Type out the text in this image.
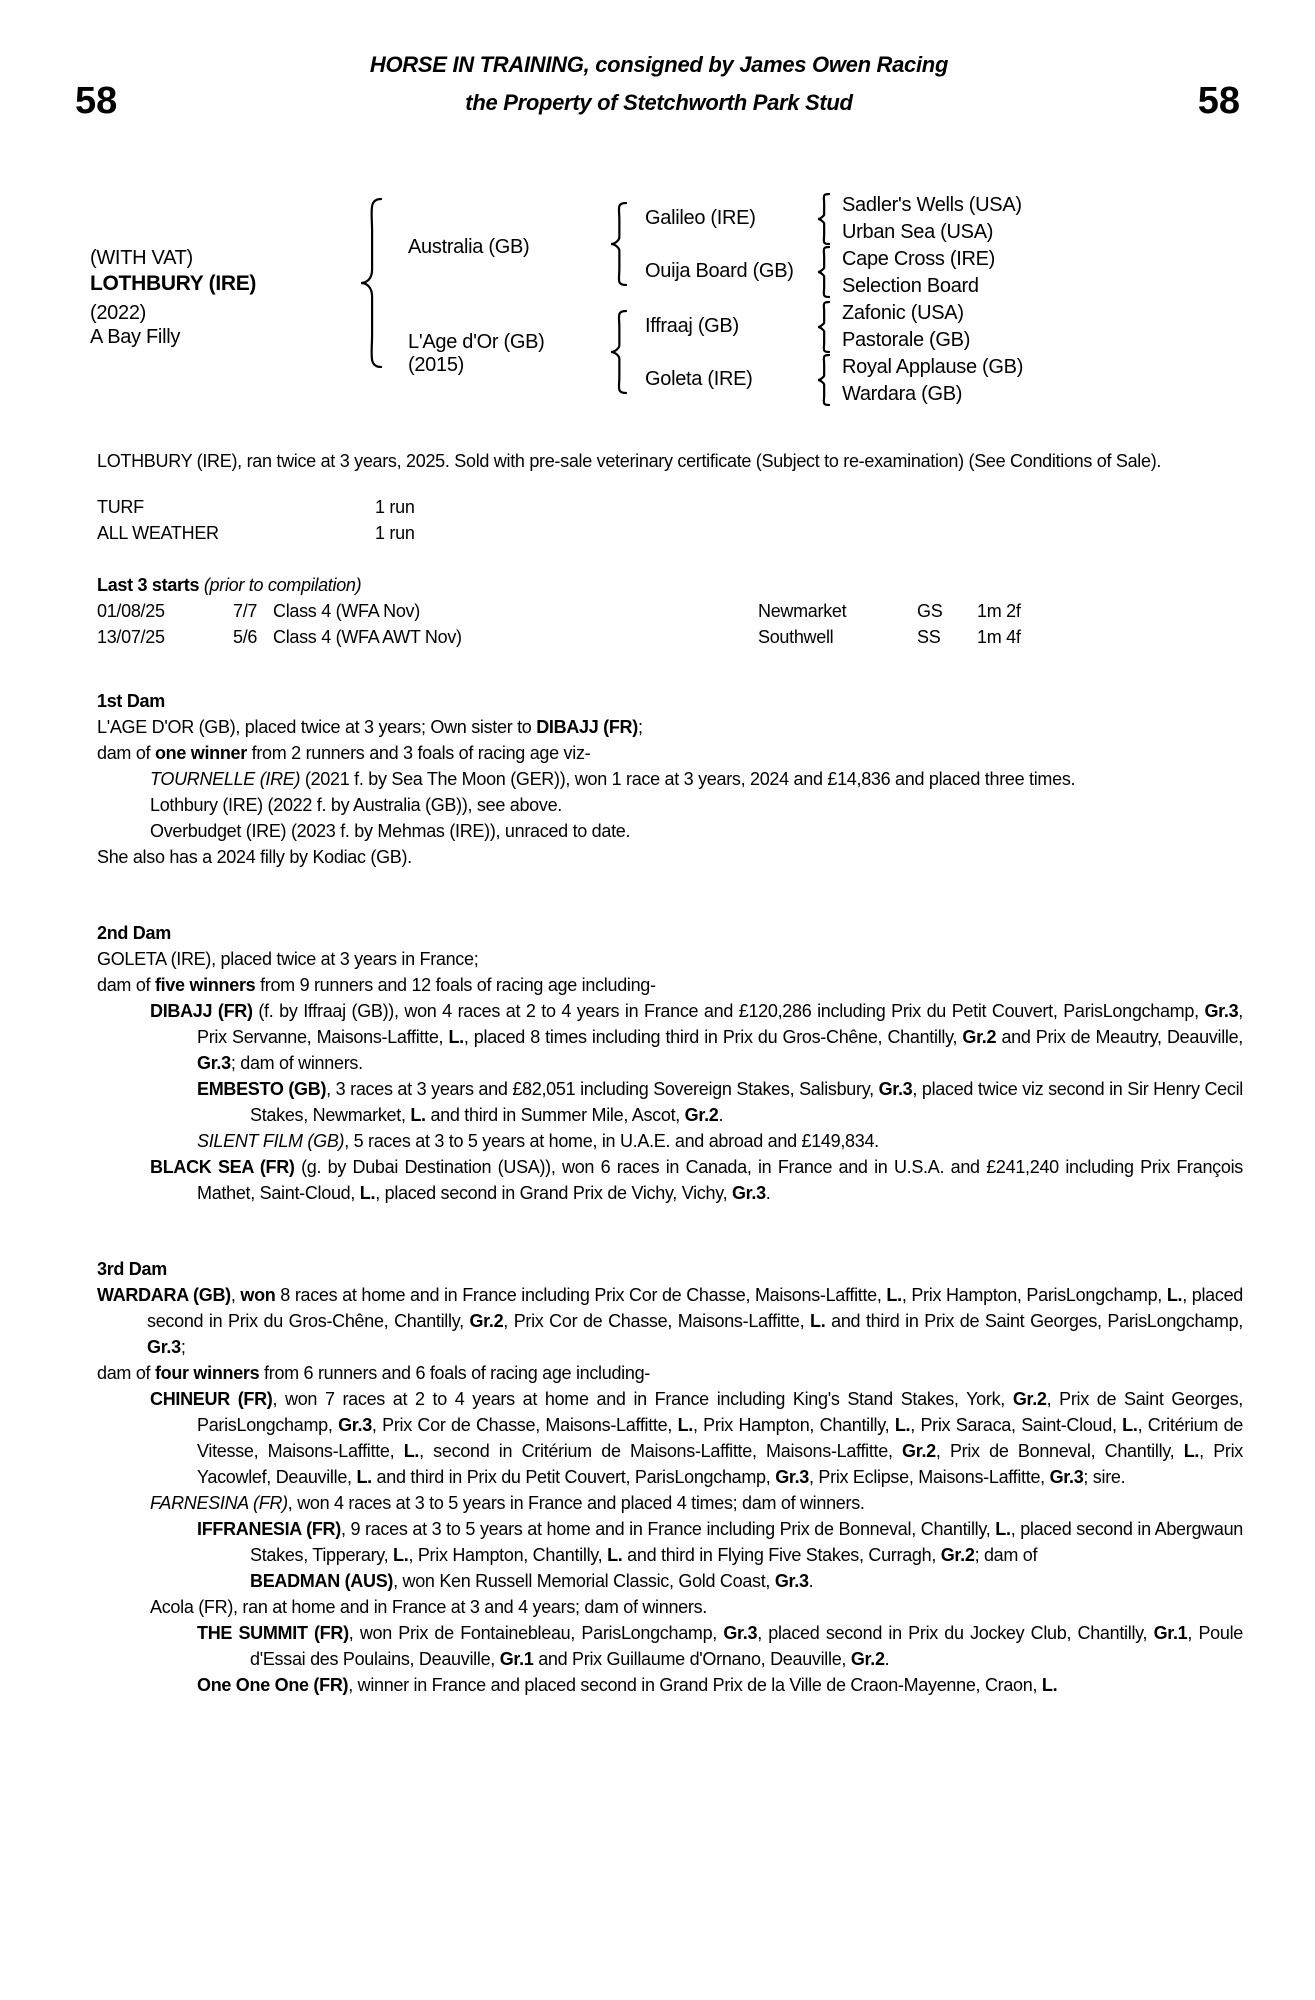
58
HORSE IN TRAINING, consigned by James Owen Racing
the Property of Stetchworth Park Stud	58
(WITH VAT)
LOTHBURY (IRE)
(2022)
A Bay Filly
Australia (GB)
L'Age d'Or (GB)
(2015)
Galileo (IRE)
Ouija Board (GB)
Iffraaj (GB)
Goleta (IRE)
Sadler's Wells (USA)
Urban Sea (USA)
Cape Cross (IRE)
Selection Board
Zafonic (USA)
Pastorale (GB)
Royal Applause (GB)
Wardara (GB)

LOTHBURY (IRE), ran twice at 3 years, 2025. Sold with pre-sale veterinary certificate (Subject to re-examination) (See Conditions of Sale).

TURF	1 run
ALL WEATHER	1 run

Last 3 starts (prior to compilation)

01/08/25	7/7 Class 4 (WFA Nov)	Newmarket	GS	1m 2f
13/07/25	5/6 Class 4 (WFA AWT Nov)	Southwell	SS	1m 4f
1st Dam

L'AGE D'OR (GB), placed twice at 3 years; Own sister to DIBAJJ (FR);

dam of one winner from 2 runners and 3 foals of racing age viz-

TOURNELLE (IRE) (2021 f. by Sea The Moon (GER)), won 1 race at 3 years, 2024 and £14,836 and placed three times.

Lothbury (IRE) (2022 f. by Australia (GB)), see above.

Overbudget (IRE) (2023 f. by Mehmas (IRE)), unraced to date.

She also has a 2024 filly by Kodiac (GB).

2nd Dam

GOLETA (IRE), placed twice at 3 years in France;

dam of five winners from 9 runners and 12 foals of racing age including-

DIBAJJ (FR) (f. by Iffraaj (GB)), won 4 races at 2 to 4 years in France and £120,286 including Prix du Petit Couvert, ParisLongchamp, Gr.3, Prix Servanne, Maisons-Laffitte, L., placed 8 times including third in Prix du Gros-Chêne, Chantilly, Gr.2 and Prix de Meautry, Deauville, Gr.3; dam of winners.

EMBESTO (GB), 3 races at 3 years and £82,051 including Sovereign Stakes, Salisbury, Gr.3, placed twice viz second in Sir Henry Cecil Stakes, Newmarket, L. and third in Summer Mile, Ascot, Gr.2.

SILENT FILM (GB), 5 races at 3 to 5 years at home, in U.A.E. and abroad and £149,834.

BLACK SEA (FR) (g. by Dubai Destination (USA)), won 6 races in Canada, in France and in U.S.A. and £241,240 including Prix François Mathet, Saint-Cloud, L., placed second in Grand Prix de Vichy, Vichy, Gr.3.

3rd Dam

WARDARA (GB), won 8 races at home and in France including Prix Cor de Chasse, Maisons-Laffitte, L., Prix Hampton, ParisLongchamp, L., placed second in Prix du Gros-Chêne, Chantilly, Gr.2, Prix Cor de Chasse, Maisons-Laffitte, L. and third in Prix de Saint Georges, ParisLongchamp, Gr.3;

dam of four winners from 6 runners and 6 foals of racing age including-

CHINEUR (FR), won 7 races at 2 to 4 years at home and in France including King's Stand Stakes, York, Gr.2, Prix de Saint Georges, ParisLongchamp, Gr.3, Prix Cor de Chasse, Maisons-Laffitte, L., Prix Hampton, Chantilly, L., Prix Saraca, Saint-Cloud, L., Critérium de Vitesse, Maisons-Laffitte, L., second in Critérium de Maisons-Laffitte, Maisons-Laffitte, Gr.2, Prix de Bonneval, Chantilly, L., Prix Yacowlef, Deauville, L. and third in Prix du Petit Couvert, ParisLongchamp, Gr.3, Prix Eclipse, Maisons-Laffitte, Gr.3; sire.

FARNESINA (FR), won 4 races at 3 to 5 years in France and placed 4 times; dam of winners.

IFFRANESIA (FR), 9 races at 3 to 5 years at home and in France including Prix de Bonneval, Chantilly, L., placed second in Abergwaun Stakes, Tipperary, L., Prix Hampton, Chantilly, L. and third in Flying Five Stakes, Curragh, Gr.2; dam of

BEADMAN (AUS), won Ken Russell Memorial Classic, Gold Coast, Gr.3.

Acola (FR), ran at home and in France at 3 and 4 years; dam of winners.

THE SUMMIT (FR), won Prix de Fontainebleau, ParisLongchamp, Gr.3, placed second in Prix du Jockey Club, Chantilly, Gr.1, Poule d'Essai des Poulains, Deauville, Gr.1 and Prix Guillaume d'Ornano, Deauville, Gr.2.

One One One (FR), winner in France and placed second in Grand Prix de la Ville de Craon-Mayenne, Craon, L.
